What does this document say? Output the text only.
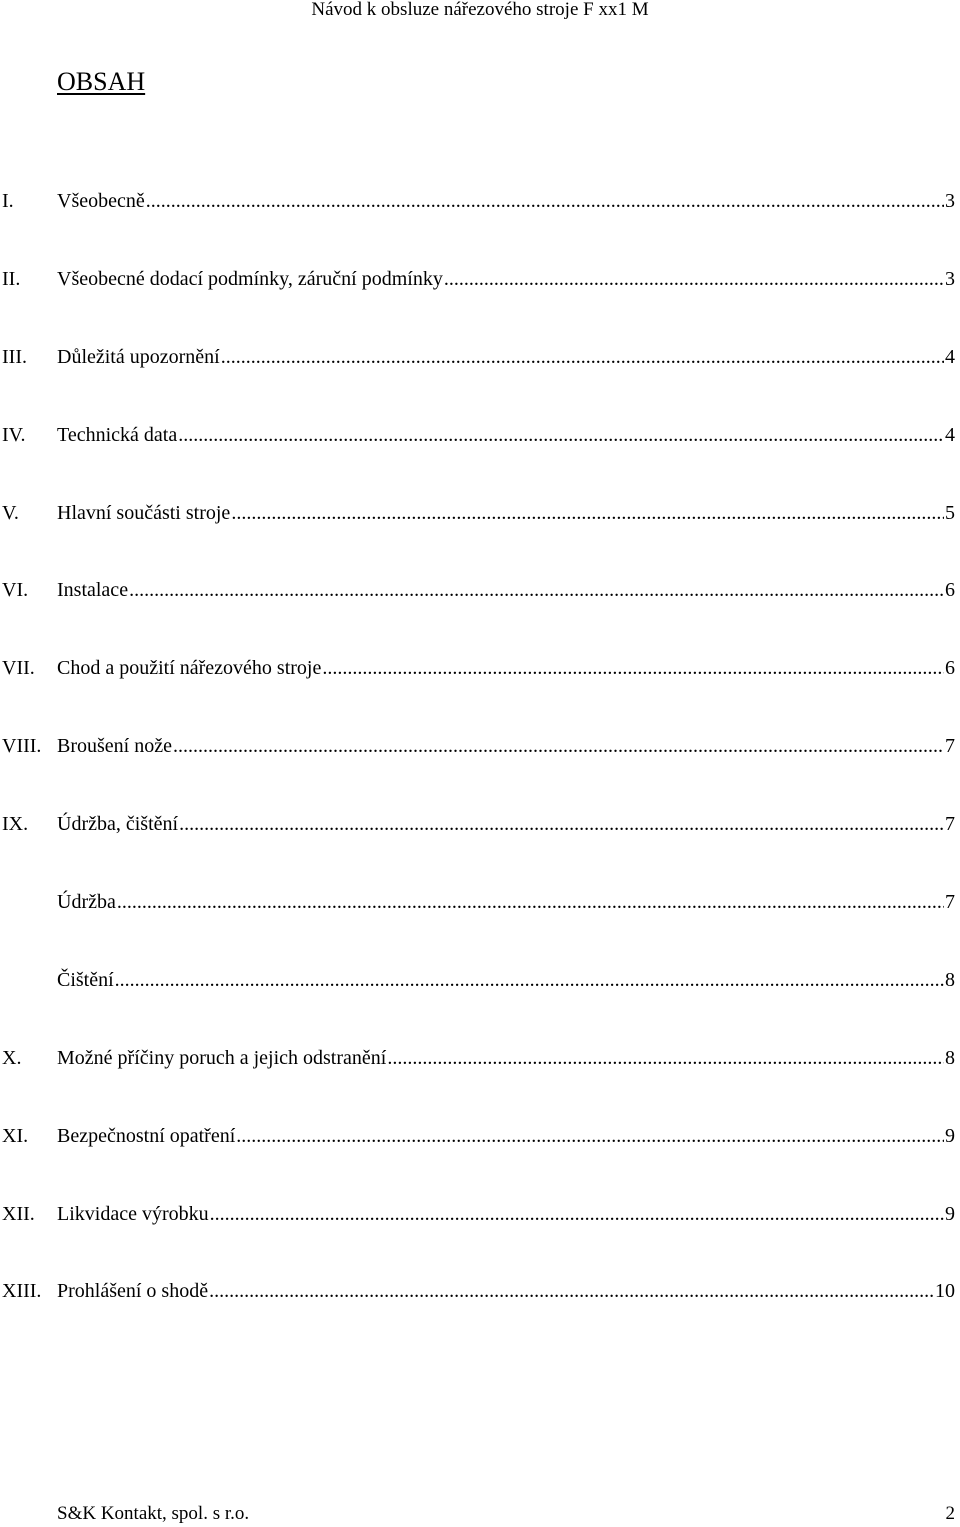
Návod k obsluze nářezového stroje F xx1 M
OBSAH
I. Všeobecně .....	3
II. Všeobecné dodací podmínky, záruční podmínky .....	3
III. Důležitá upozornění .....	4
IV. Technická data .....	4
V. Hlavní součásti stroje .....	5
VI. Instalace .....	6
VII. Chod a použití nářezového stroje .....	6
VIII. Broušení nože .....	7
IX. Údržba, čištění .....	7
Údržba .....	7
Čištění .....	8
X. Možné příčiny poruch a jejich odstranění .....	8
XI. Bezpečnostní opatření .....	9
XII. Likvidace výrobku .....	9
XIII. Prohlášení o shodě .....	10
S&K Kontakt, spol. s r.o.	2
